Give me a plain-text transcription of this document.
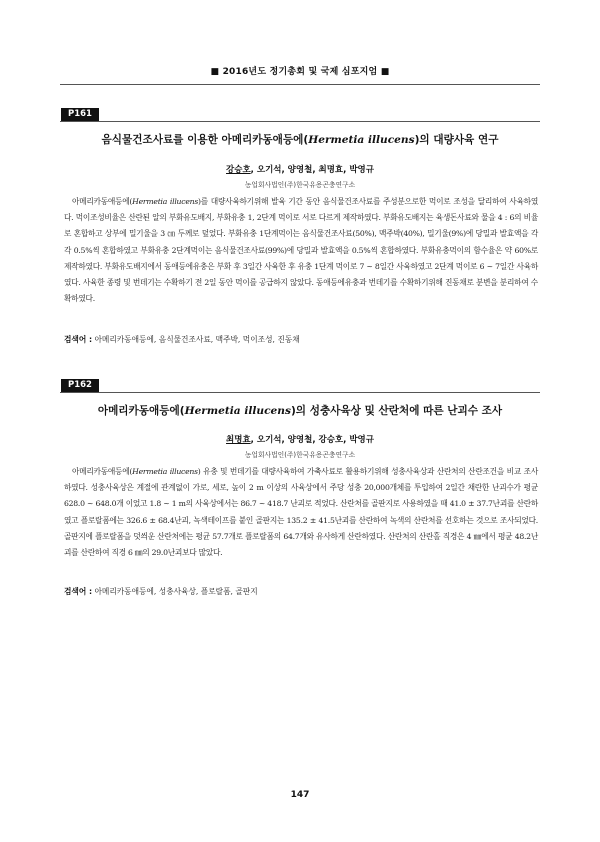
■ 2016년도 정기총회 및 국제 심포지엄 ■
P161
음식물건조사료를 이용한 아메리카동애등에(Hermetia illucens)의 대량사육 연구
강승호, 오기석, 양영철, 최명효, 박영규
농업회사법인(주)한국유용곤충연구소

아메리카동애등에(Hermetia illucens)를 대량사육하기위해 발육 기간 동안 음식물건조사료를 주성분으로한 먹이로 조성을 달리하여 사육하였다. 먹이조성비율은 산란된 알의 부화유도배지, 부화유충 1, 2단계 먹이로 서로 다르게 제작하였다. 부화유도배지는 육생돈사료와 물을 4 : 6의 비율로 혼합하고 상부에 밀기울을 3 ㎝ 두께로 덮었다. 부화유충 1단계먹이는 음식물건조사료(50%), 맥주박(40%), 밀기울(9%)에 당밀과 발효액을 각각 0.5%씩 혼합하였고 부화유충 2단계먹이는 음식물건조사료(99%)에 당밀과 발효액을 0.5%씩 혼합하였다. 부화유충먹이의 함수율은 약 60%로 제작하였다. 부화유도배지에서 동애등에유충은 부화 후 3일간 사육한 후 유충 1단계 먹이로 7 ~ 8일간 사육하였고 2단계 먹이로 6 ~ 7일간 사육하였다. 사육한 종령 및 번데기는 수확하기 전 2일 동안 먹이를 공급하지 않았다. 동애등에유충과 번데기를 수확하기위해 진동채로 분변을 분리하여 수확하였다.

검색어 : 아메리카동애등에, 음식물건조사료, 맥주박, 먹이조성, 진동채
P162
아메리카동애등에(Hermetia illucens)의 성충사육상 및 산란처에 따른 난괴수 조사
최명효, 오기석, 양영철, 강승호, 박영규
농업회사법인(주)한국유용곤충연구소

아메리카동애등에(Hermetia illucens) 유충 및 번데기를 대량사육하여 가축사료로 활용하기위해 성충사육상과 산란처의 산란조건을 비교 조사하였다. 성충사육상은 계절에 관계없이 가로, 세로, 높이 2 m 이상의 사육상에서 주당 성충 20,000개체를 투입하여 2일간 채란한 난괴수가 평균 628.0 ~ 648.0개 이었고 1.8 ~ 1 m의 사육상에서는 86.7 ~ 418.7 난괴로 적었다. 산란처를 골판지로 사용하였을 때 41.0 ± 37.7난괴를 산란하였고 플로랄폼에는 326.6 ± 68.4난괴, 녹색테이프를 붙인 골판지는 135.2 ± 41.5난괴를 산란하여 녹색의 산란처를 선호하는 것으로 조사되었다. 골판지에 플로랄폼을 덧씌운 산란처에는 평균 57.7개로 플로랄폼의 64.7개와 유사하게 산란하였다. 산란처의 산란홀 직경은 4 ㎜에서 평균 48.2난괴를 산란하여 직경 6 ㎜의 29.0난괴보다 많았다.

검색어 : 아메리카동애등에, 성충사육상, 플로랄폼, 골판지
147
